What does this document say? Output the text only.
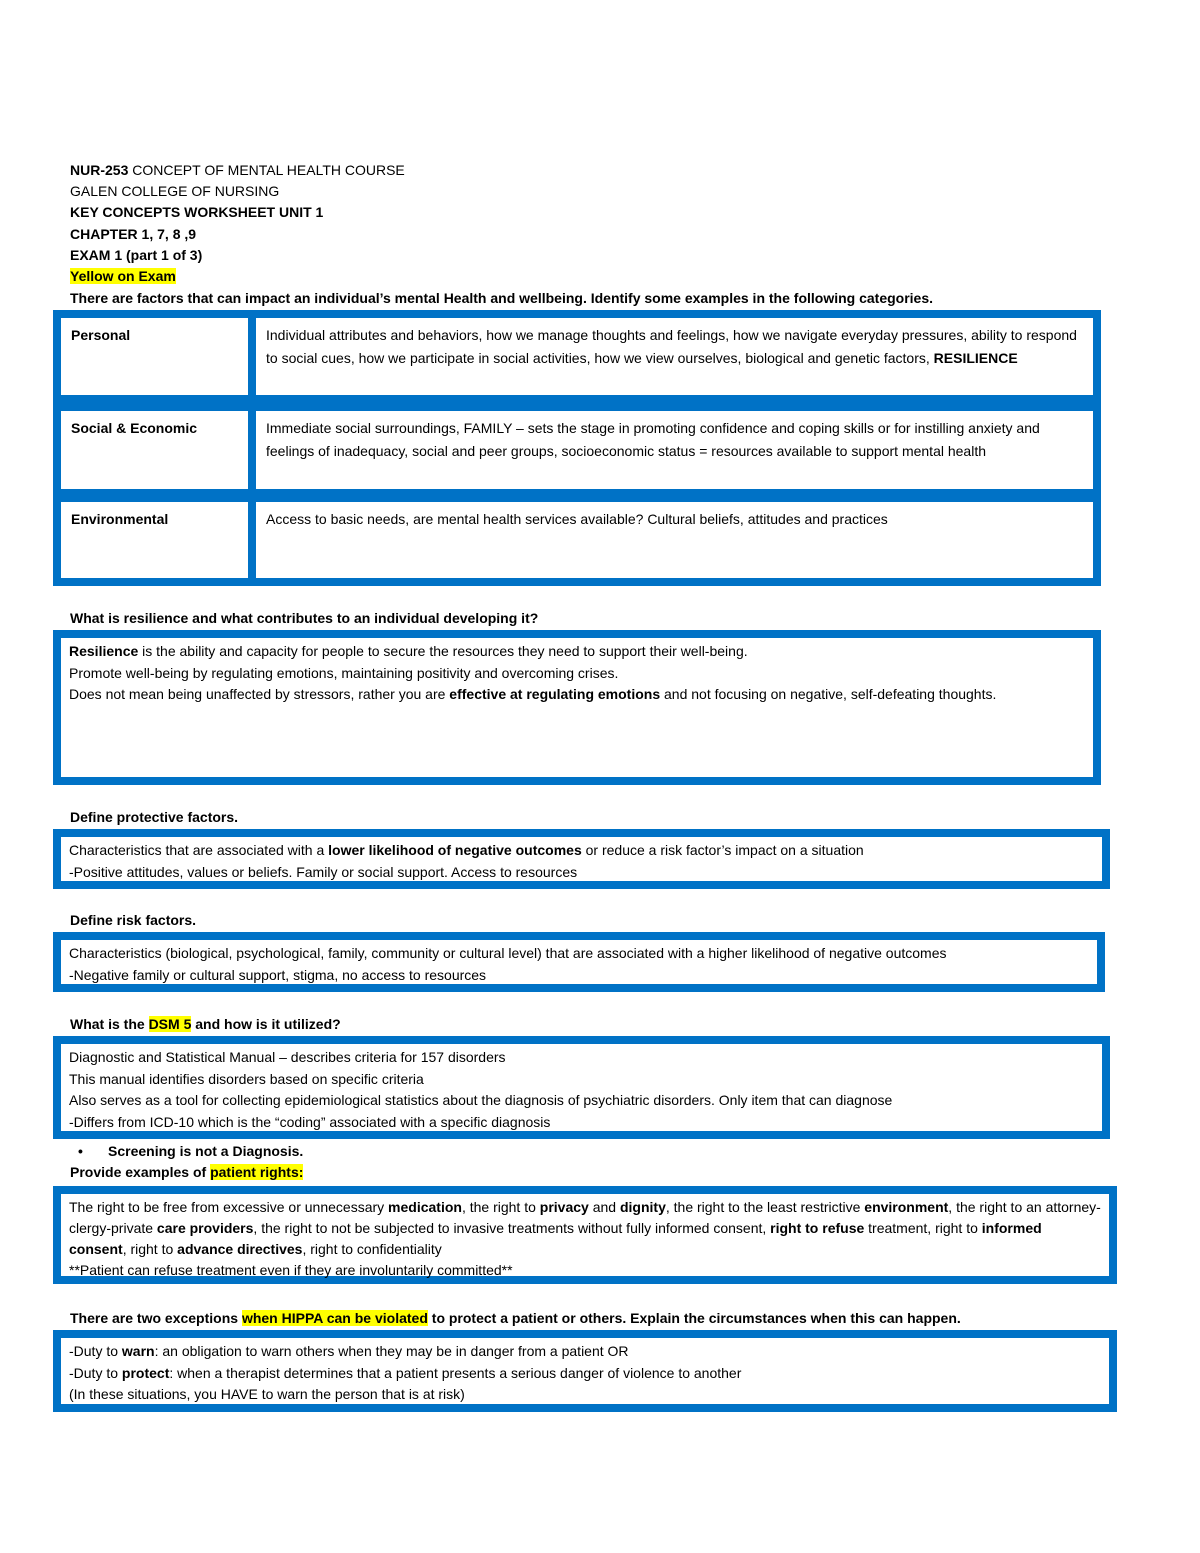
NUR-253 CONCEPT OF MENTAL HEALTH COURSE
GALEN COLLEGE OF NURSING
KEY CONCEPTS WORKSHEET UNIT 1
CHAPTER 1, 7, 8 ,9
EXAM 1 (part 1 of 3)
Yellow on Exam
There are factors that can impact an individual’s mental Health and wellbeing. Identify some examples in the following categories.
Personal	Individual attributes and behaviors, how we manage thoughts and feelings, how we navigate everyday pressures, ability to respond to social cues, how we participate in social activities, how we view ourselves, biological and genetic factors, RESILIENCE
Social & Economic	Immediate social surroundings, FAMILY – sets the stage in promoting confidence and coping skills or for instilling anxiety and feelings of inadequacy, social and peer groups, socioeconomic status = resources available to support mental health
Environmental	Access to basic needs, are mental health services available? Cultural beliefs, attitudes and practices
What is resilience and what contributes to an individual developing it?
Resilience is the ability and capacity for people to secure the resources they need to support their well-being.
Promote well-being by regulating emotions, maintaining positivity and overcoming crises.
Does not mean being unaffected by stressors, rather you are effective at regulating emotions and not focusing on negative, self-defeating thoughts.
Define protective factors.
Characteristics that are associated with a lower likelihood of negative outcomes or reduce a risk factor’s impact on a situation
-Positive attitudes, values or beliefs. Family or social support. Access to resources
Define risk factors.
Characteristics (biological, psychological, family, community or cultural level) that are associated with a higher likelihood of negative outcomes
-Negative family or cultural support, stigma, no access to resources
What is the DSM 5 and how is it utilized?
Diagnostic and Statistical Manual – describes criteria for 157 disorders
This manual identifies disorders based on specific criteria
Also serves as a tool for collecting epidemiological statistics about the diagnosis of psychiatric disorders. Only item that can diagnose
-Differs from ICD-10 which is the “coding” associated with a specific diagnosis
• Screening is not a Diagnosis.
Provide examples of patient rights:
The right to be free from excessive or unnecessary medication, the right to privacy and dignity, the right to the least restrictive environment, the right to an attorney-clergy-private care providers, the right to not be subjected to invasive treatments without fully informed consent, right to refuse treatment, right to informed consent, right to advance directives, right to confidentiality
**Patient can refuse treatment even if they are involuntarily committed**
There are two exceptions when HIPPA can be violated to protect a patient or others. Explain the circumstances when this can happen.
-Duty to warn: an obligation to warn others when they may be in danger from a patient OR
-Duty to protect: when a therapist determines that a patient presents a serious danger of violence to another
(In these situations, you HAVE to warn the person that is at risk)
